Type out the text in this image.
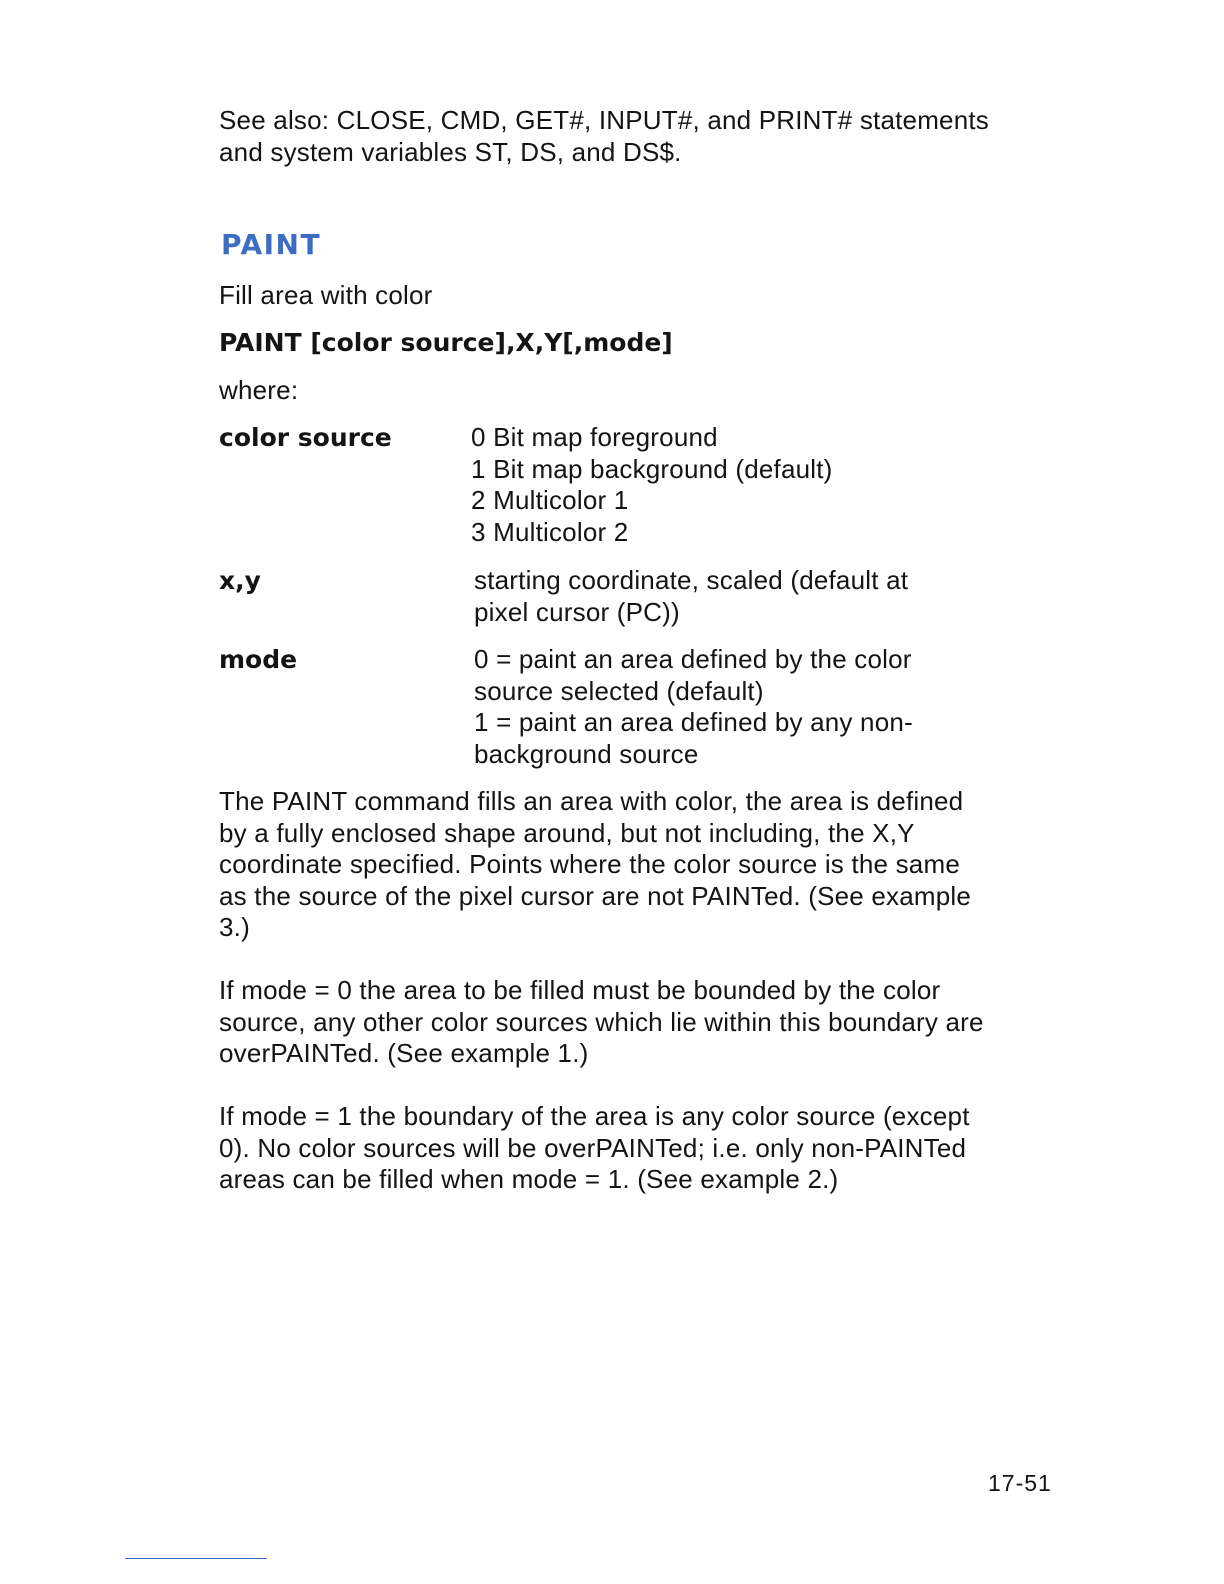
See also: CLOSE, CMD, GET#, INPUT#, and PRINT# statements
and system variables ST, DS, and DS$.

PAINT

Fill area with color

PAINT [color source],X,Y[,mode]

where:

color source	0 Bit map foreground
1 Bit map background (default)
2 Multicolor 1
3 Multicolor 2
x,y	starting coordinate, scaled (default at
pixel cursor (PC))
mode	0 = paint an area defined by the color
source selected (default)
1 = paint an area defined by any non-
background source

The PAINT command fills an area with color, the area is defined
by a fully enclosed shape around, but not including, the X,Y
coordinate specified. Points where the color source is the same
as the source of the pixel cursor are not PAINTed. (See example
3.)

If mode = 0 the area to be filled must be bounded by the color
source, any other color sources which lie within this boundary are
overPAINTed. (See example 1.)

If mode = 1 the boundary of the area is any color source (except
0). No color sources will be overPAINTed; i.e. only non-PAINTed
areas can be filled when mode = 1. (See example 2.)

17-51
